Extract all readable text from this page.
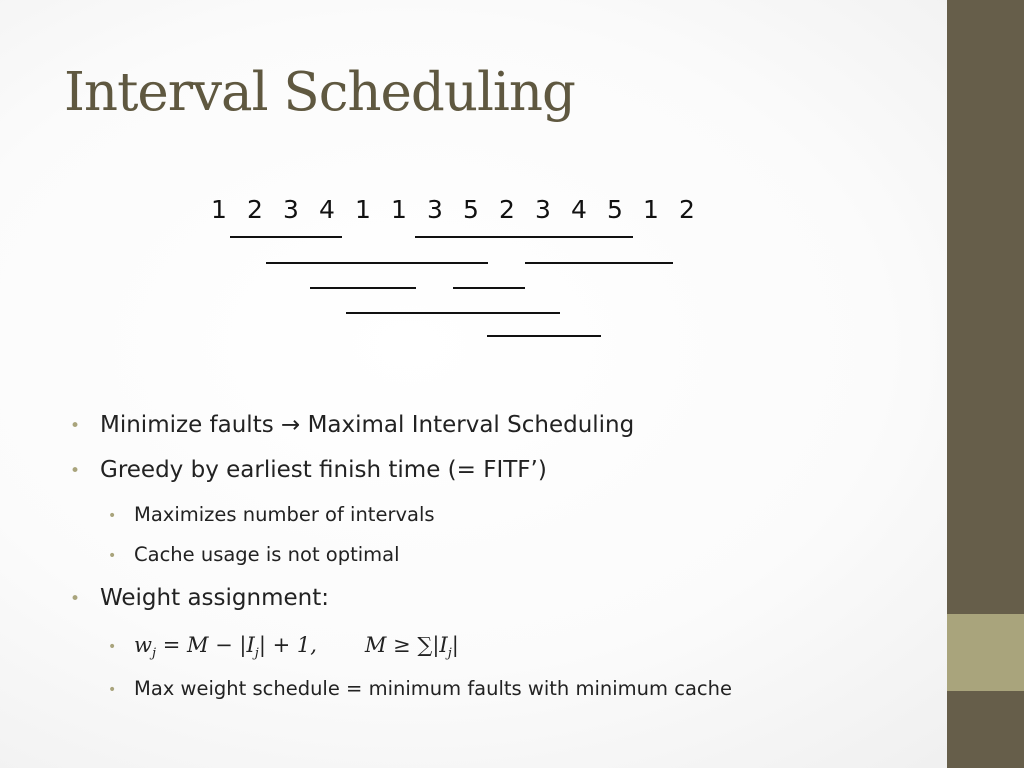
Interval Scheduling
1 2 3 4 1 1 3 5 2 3 4 5 1 2
• Minimize faults → Maximal Interval Scheduling
• Greedy by earliest finish time (= FITF’)
• Maximizes number of intervals
• Cache usage is not optimal
• Weight assignment:
• $w_j = M - |I_j| + 1$, $M \ge \sum|I_j|$
• Max weight schedule = minimum faults with minimum cache
